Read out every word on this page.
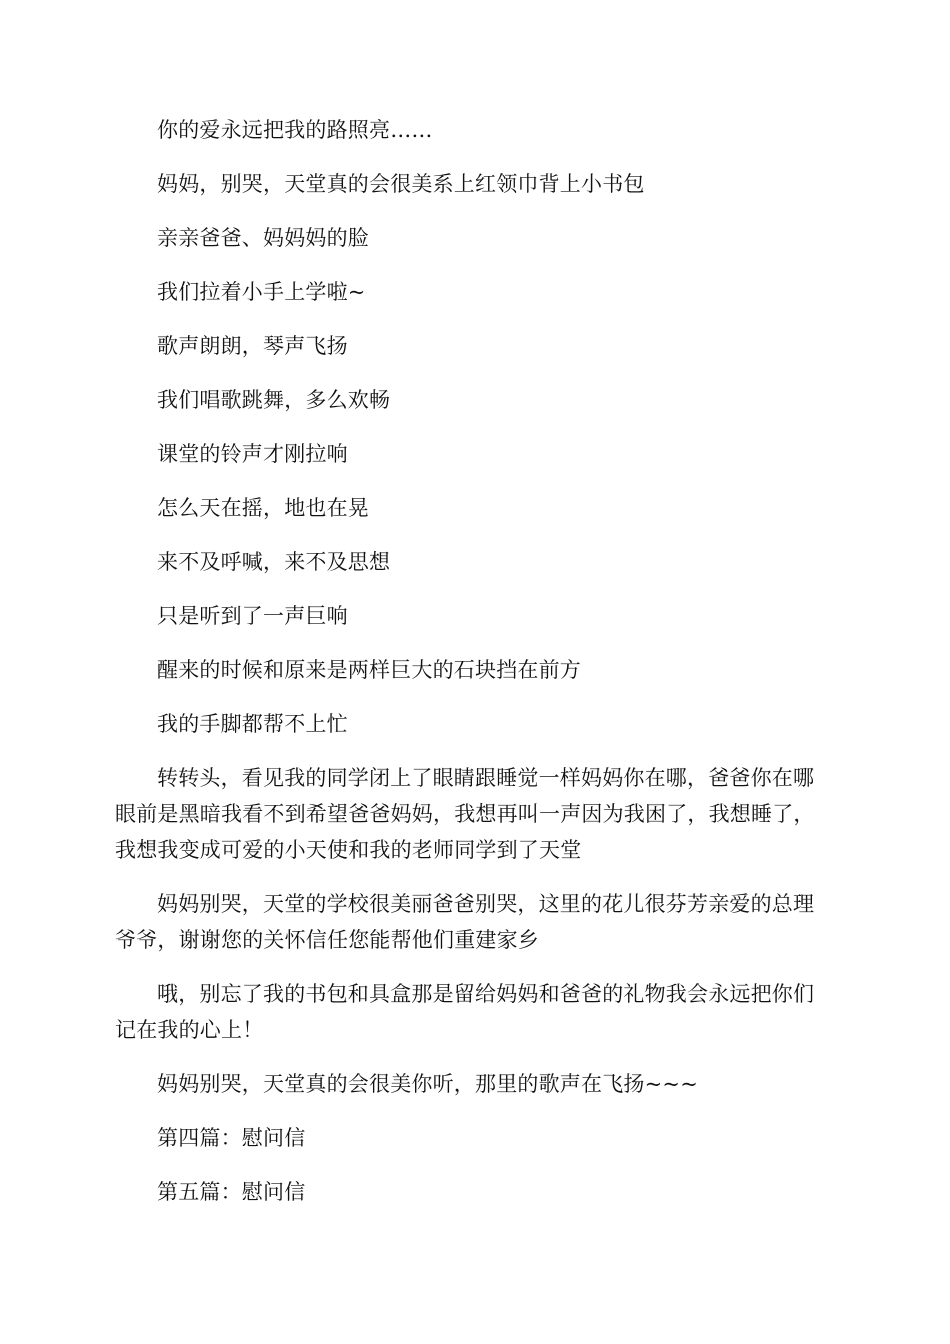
你的爱永远把我的路照亮……

妈妈，别哭，天堂真的会很美系上红领巾背上小书包

亲亲爸爸、妈妈妈的脸

我们拉着小手上学啦~

歌声朗朗，琴声飞扬

我们唱歌跳舞，多么欢畅

课堂的铃声才刚拉响

怎么天在摇，地也在晃

来不及呼喊，来不及思想

只是听到了一声巨响

醒来的时候和原来是两样巨大的石块挡在前方

我的手脚都帮不上忙

转转头，看见我的同学闭上了眼睛跟睡觉一样妈妈你在哪，爸爸你在哪眼前是黑暗我看不到希望爸爸妈妈，我想再叫一声因为我困了，我想睡了，我想我变成可爱的小天使和我的老师同学到了天堂

妈妈别哭，天堂的学校很美丽爸爸别哭，这里的花儿很芬芳亲爱的总理爷爷，谢谢您的关怀信任您能帮他们重建家乡

哦，别忘了我的书包和具盒那是留给妈妈和爸爸的礼物我会永远把你们记在我的心上！

妈妈别哭，天堂真的会很美你听，那里的歌声在飞扬~~~

第四篇：慰问信

第五篇：慰问信
